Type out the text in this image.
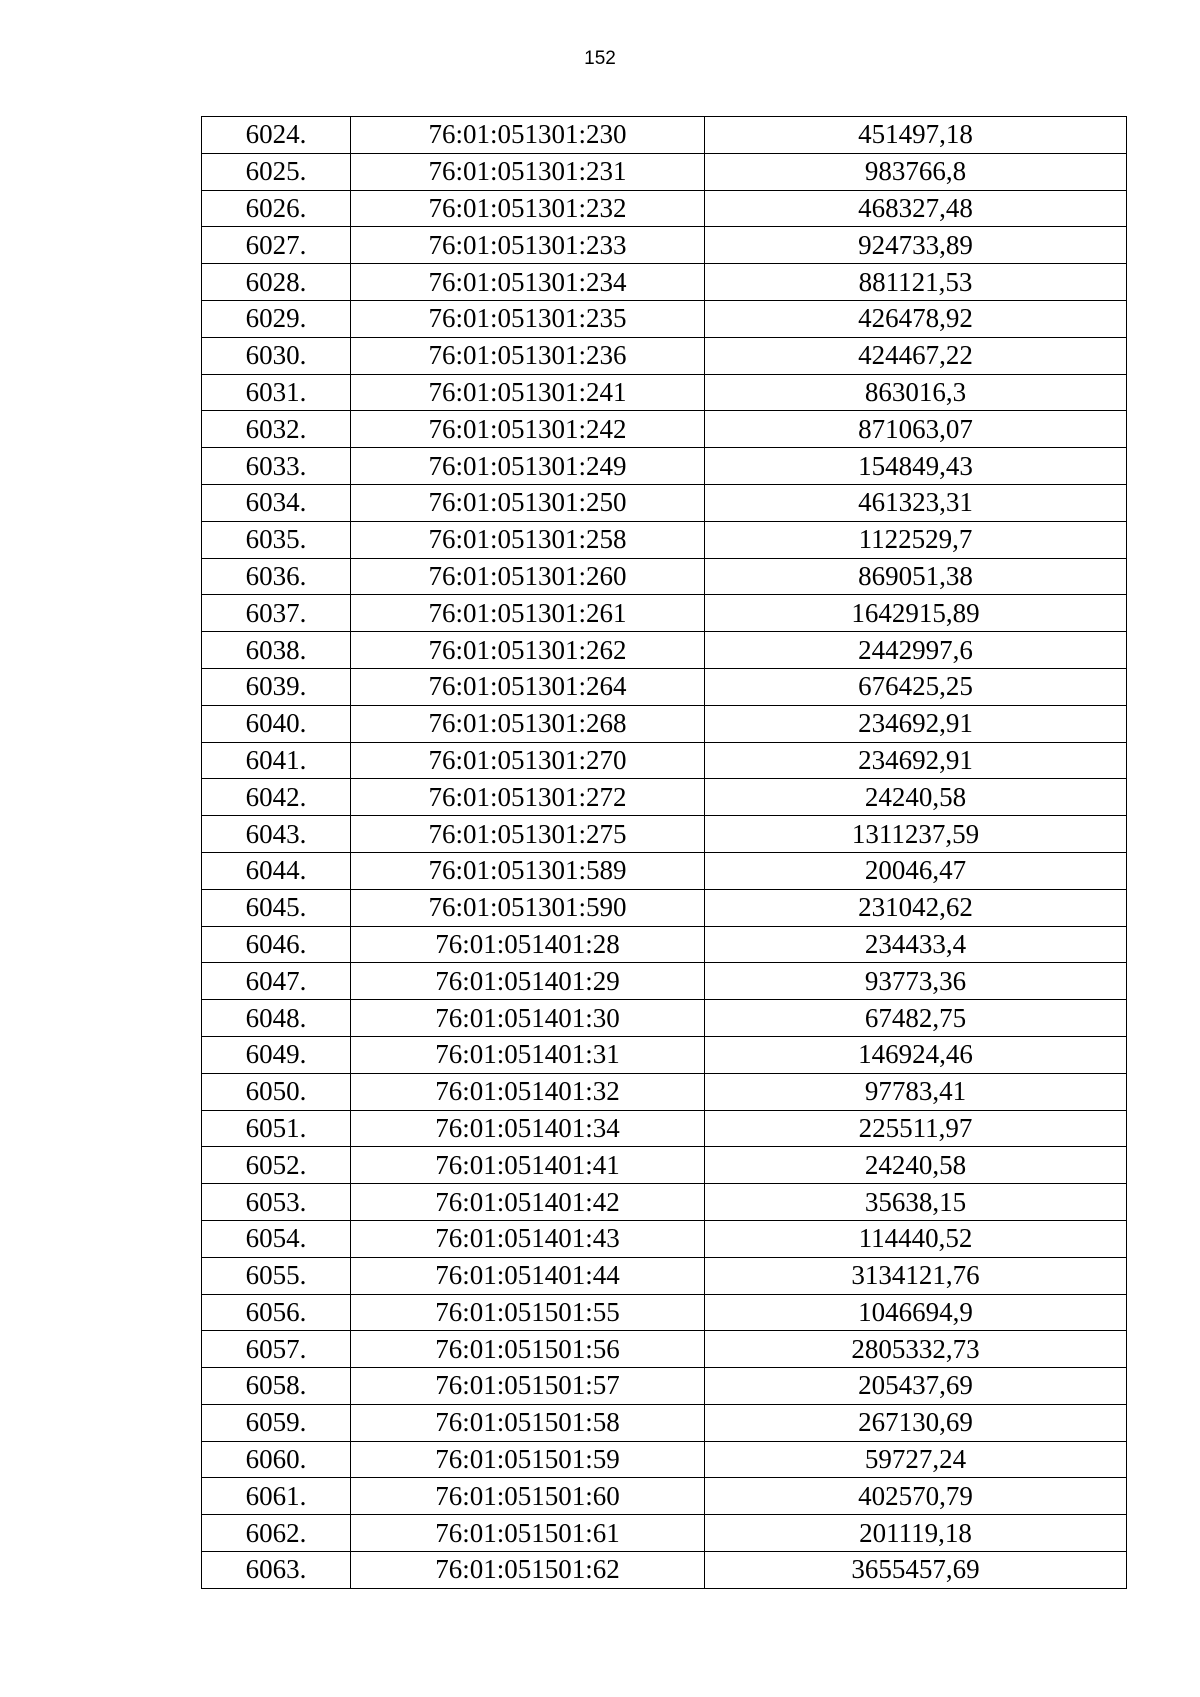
152
6024.	76:01:051301:230	451497,18
6025.	76:01:051301:231	983766,8
6026.	76:01:051301:232	468327,48
6027.	76:01:051301:233	924733,89
6028.	76:01:051301:234	881121,53
6029.	76:01:051301:235	426478,92
6030.	76:01:051301:236	424467,22
6031.	76:01:051301:241	863016,3
6032.	76:01:051301:242	871063,07
6033.	76:01:051301:249	154849,43
6034.	76:01:051301:250	461323,31
6035.	76:01:051301:258	1122529,7
6036.	76:01:051301:260	869051,38
6037.	76:01:051301:261	1642915,89
6038.	76:01:051301:262	2442997,6
6039.	76:01:051301:264	676425,25
6040.	76:01:051301:268	234692,91
6041.	76:01:051301:270	234692,91
6042.	76:01:051301:272	24240,58
6043.	76:01:051301:275	1311237,59
6044.	76:01:051301:589	20046,47
6045.	76:01:051301:590	231042,62
6046.	76:01:051401:28	234433,4
6047.	76:01:051401:29	93773,36
6048.	76:01:051401:30	67482,75
6049.	76:01:051401:31	146924,46
6050.	76:01:051401:32	97783,41
6051.	76:01:051401:34	225511,97
6052.	76:01:051401:41	24240,58
6053.	76:01:051401:42	35638,15
6054.	76:01:051401:43	114440,52
6055.	76:01:051401:44	3134121,76
6056.	76:01:051501:55	1046694,9
6057.	76:01:051501:56	2805332,73
6058.	76:01:051501:57	205437,69
6059.	76:01:051501:58	267130,69
6060.	76:01:051501:59	59727,24
6061.	76:01:051501:60	402570,79
6062.	76:01:051501:61	201119,18
6063.	76:01:051501:62	3655457,69
